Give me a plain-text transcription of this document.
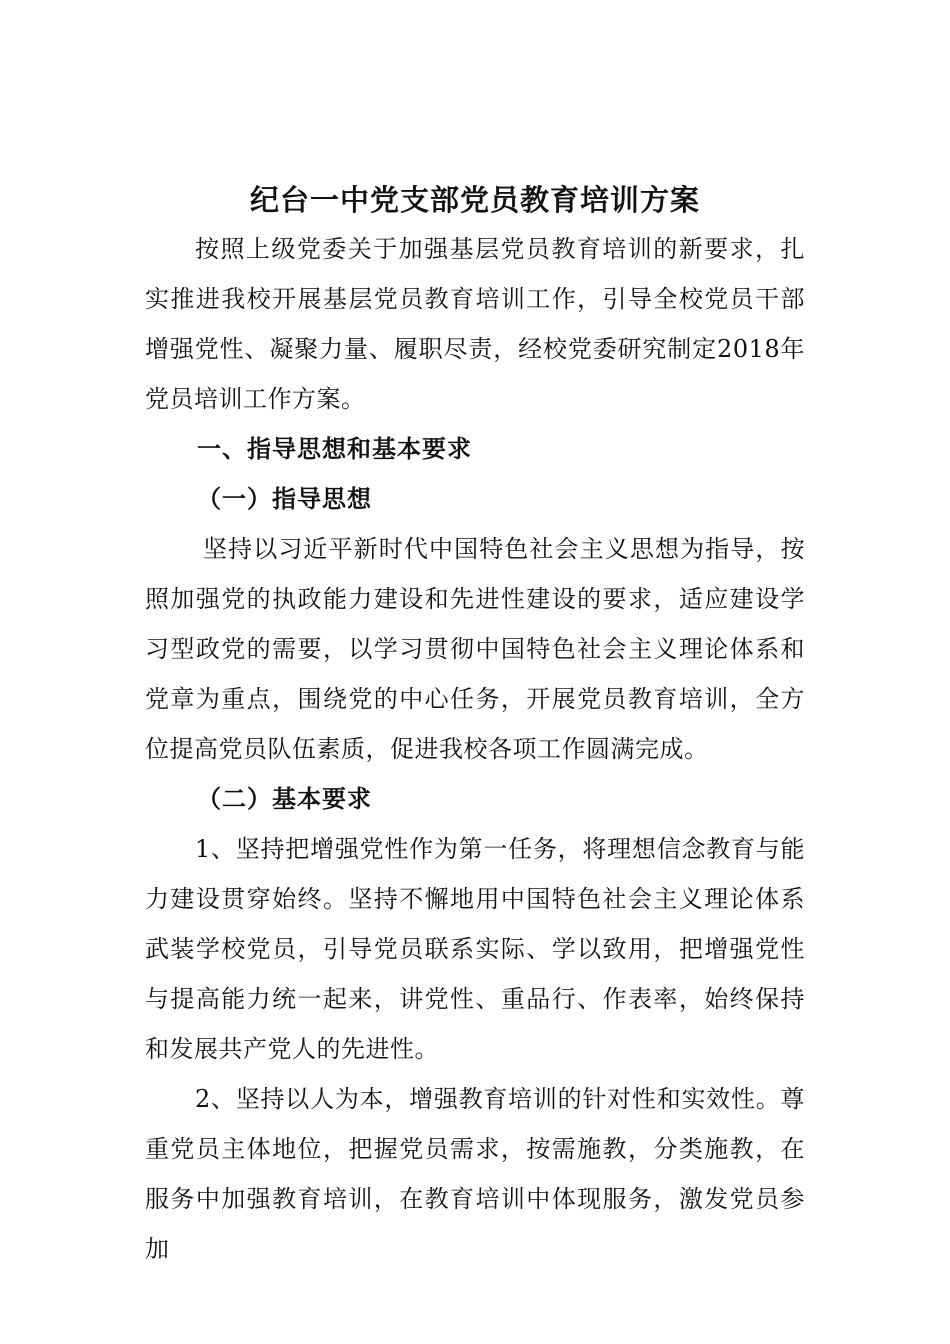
纪台一中党支部党员教育培训方案
按照上级党委关于加强基层党员教育培训的新要求，扎实推进我校开展基层党员教育培训工作，引导全校党员干部增强党性、凝聚力量、履职尽责，经校党委研究制定2018年党员培训工作方案。
一、指导思想和基本要求
（一）指导思想
坚持以习近平新时代中国特色社会主义思想为指导，按照加强党的执政能力建设和先进性建设的要求，适应建设学习型政党的需要，以学习贯彻中国特色社会主义理论体系和党章为重点，围绕党的中心任务，开展党员教育培训，全方位提高党员队伍素质，促进我校各项工作圆满完成。
（二）基本要求
1、坚持把增强党性作为第一任务，将理想信念教育与能力建设贯穿始终。坚持不懈地用中国特色社会主义理论体系武装学校党员，引导党员联系实际、学以致用，把增强党性与提高能力统一起来，讲党性、重品行、作表率，始终保持和发展共产党人的先进性。
2、坚持以人为本，增强教育培训的针对性和实效性。尊重党员主体地位，把握党员需求，按需施教，分类施教，在服务中加强教育培训，在教育培训中体现服务，激发党员参加
